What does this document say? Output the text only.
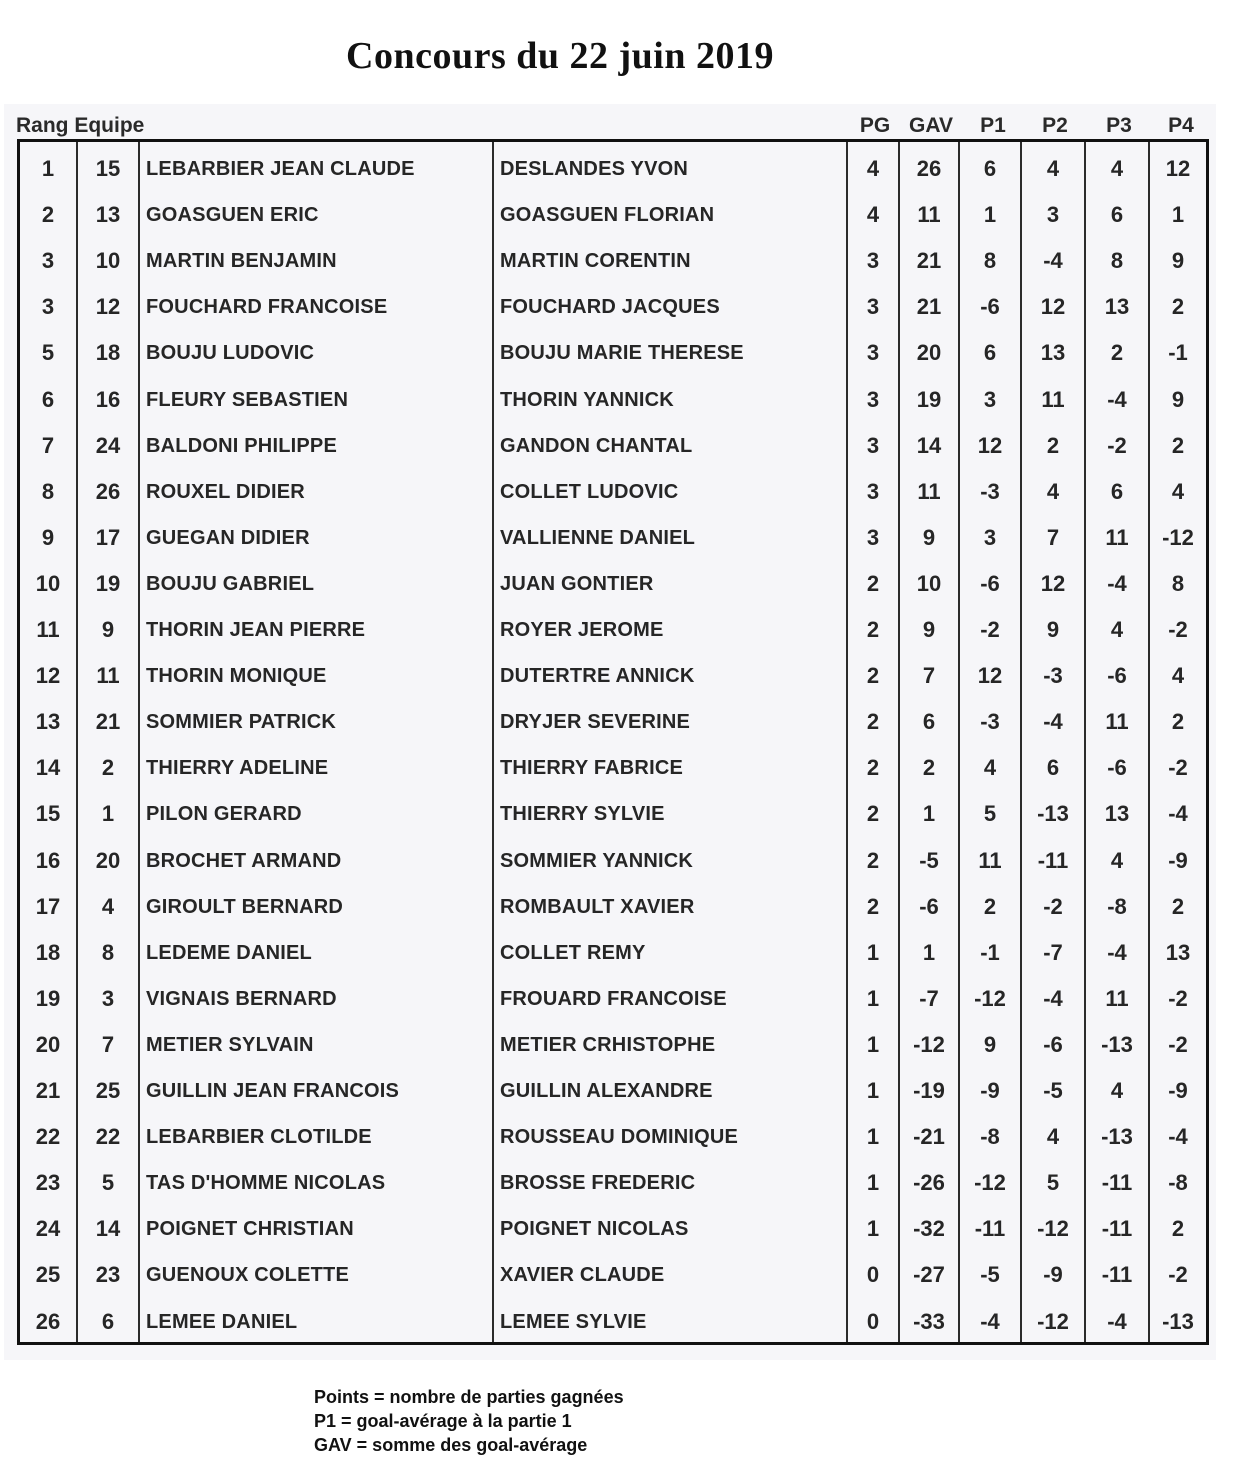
Concours du 22 juin 2019
Rang Equipe	PG GAV	P1	P2	P3	P4
1	15	LEBARBIER JEAN CLAUDE	DESLANDES YVON	4	26	6	4	4	12
2	13	GOASGUEN ERIC	GOASGUEN FLORIAN	4	11	1	3	6	1
3	10	MARTIN BENJAMIN	MARTIN CORENTIN	3	21	8	-4	8	9
3	12	FOUCHARD FRANCOISE	FOUCHARD JACQUES	3	21	-6	12	13	2
5	18	BOUJU LUDOVIC	BOUJU MARIE THERESE	3	20	6	13	2	-1
6	16	FLEURY SEBASTIEN	THORIN YANNICK	3	19	3	11	-4	9
7	24	BALDONI PHILIPPE	GANDON CHANTAL	3	14	12	2	-2	2
8	26	ROUXEL DIDIER	COLLET LUDOVIC	3	11	-3	4	6	4
9	17	GUEGAN DIDIER	VALLIENNE DANIEL	3	9	3	7	11	-12
10	19	BOUJU GABRIEL	JUAN GONTIER	2	10	-6	12	-4	8
11	9	THORIN JEAN PIERRE	ROYER JEROME	2	9	-2	9	4	-2
12	11	THORIN MONIQUE	DUTERTRE ANNICK	2	7	12	-3	-6	4
13	21	SOMMIER PATRICK	DRYJER SEVERINE	2	6	-3	-4	11	2
14	2	THIERRY ADELINE	THIERRY FABRICE	2	2	4	6	-6	-2
15	1	PILON GERARD	THIERRY SYLVIE	2	1	5	-13	13	-4
16	20	BROCHET ARMAND	SOMMIER YANNICK	2	-5	11	-11	4	-9
17	4	GIROULT BERNARD	ROMBAULT XAVIER	2	-6	2	-2	-8	2
18	8	LEDEME DANIEL	COLLET REMY	1	1	-1	-7	-4	13
19	3	VIGNAIS BERNARD	FROUARD FRANCOISE	1	-7	-12	-4	11	-2
20	7	METIER SYLVAIN	METIER CRHISTOPHE	1	-12	9	-6	-13	-2
21	25	GUILLIN JEAN FRANCOIS	GUILLIN ALEXANDRE	1	-19	-9	-5	4	-9
22	22	LEBARBIER CLOTILDE	ROUSSEAU DOMINIQUE	1	-21	-8	4	-13	-4
23	5	TAS D'HOMME NICOLAS	BROSSE FREDERIC	1	-26	-12	5	-11	-8
24	14	POIGNET CHRISTIAN	POIGNET NICOLAS	1	-32	-11	-12	-11	2
25	23	GUENOUX COLETTE	XAVIER CLAUDE	0	-27	-5	-9	-11	-2
26	6	LEMEE DANIEL	LEMEE SYLVIE	0	-33	-4	-12	-4	-13
Points = nombre de parties gagnées
P1 = goal-avérage à la partie 1
GAV = somme des goal-avérage
